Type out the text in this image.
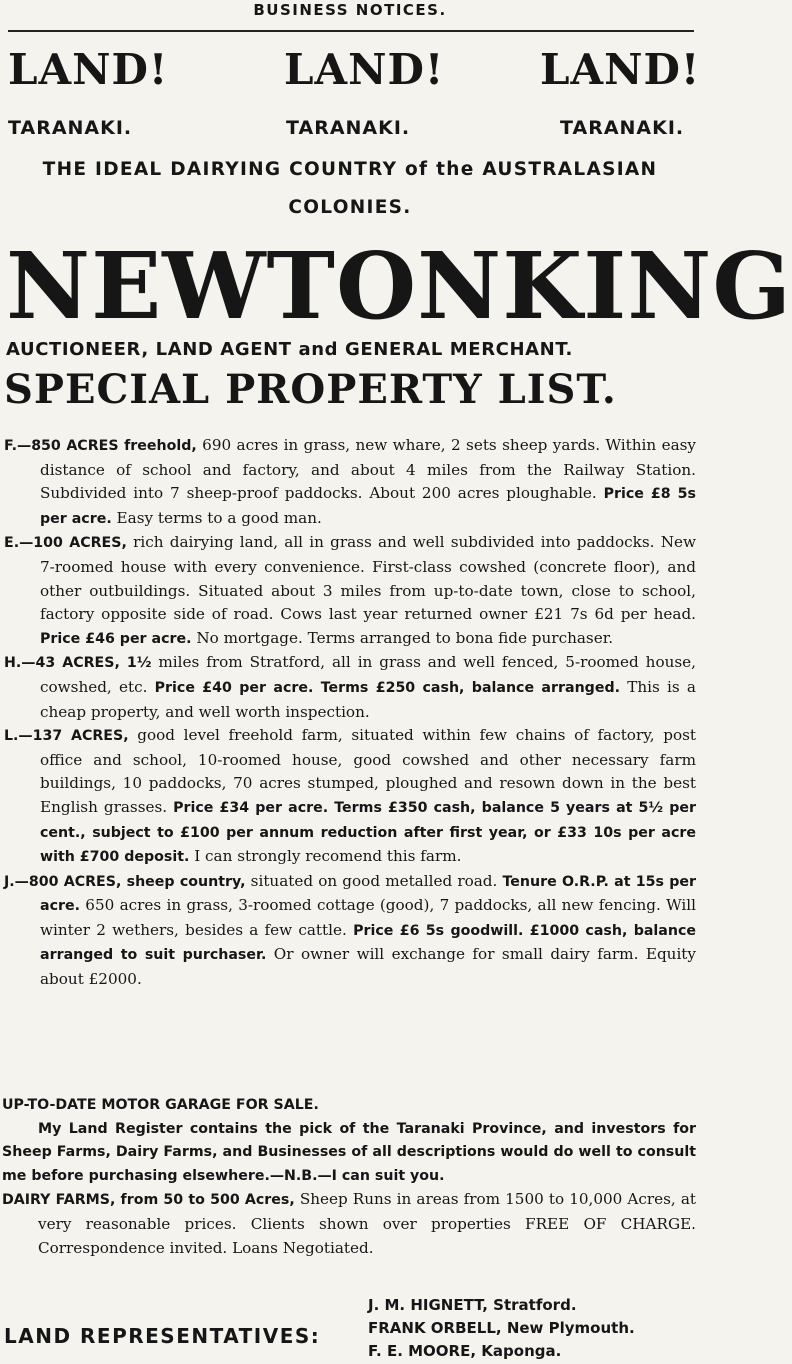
BUSINESS NOTICES.
LAND!	LAND! LAND!
TARANAKI.	TARANAKI.	TARANAKI.
THE IDEAL DAIRYING COUNTRY of the AUSTRALASIAN
COLONIES.
NEWTON KING
AUCTIONEER, LAND AGENT and GENERAL MERCHANT.
SPECIAL PROPERTY LIST.

F.—850 ACRES freehold, 690 acres in grass, new whare, 2 sets sheep yards. Within easy distance of school and factory, and about 4 miles from the Railway Station. Subdivided into 7 sheep-proof paddocks. About 200 acres ploughable. Price £8 5s per acre. Easy terms to a good man.

E.—100 ACRES, rich dairying land, all in grass and well subdivided into paddocks. New 7-roomed house with every convenience. First-class cowshed (concrete floor), and other outbuildings. Situated about 3 miles from up-to-date town, close to school, factory opposite side of road. Cows last year returned owner £21 7s 6d per head. Price £46 per acre. No mortgage. Terms arranged to bona fide purchaser.

H.—43 ACRES, 1½ miles from Stratford, all in grass and well fenced, 5-roomed house, cowshed, etc. Price £40 per acre. Terms £250 cash, balance arranged. This is a cheap property, and well worth inspection.

L.—137 ACRES, good level freehold farm, situated within few chains of factory, post office and school, 10-roomed house, good cowshed and other necessary farm buildings, 10 paddocks, 70 acres stumped, ploughed and resown down in the best English grasses. Price £34 per acre. Terms £350 cash, balance 5 years at 5½ per cent., subject to £100 per annum reduction after first year, or £33 10s per acre with £700 deposit. I can strongly recomend this farm.

J.—800 ACRES, sheep country, situated on good metalled road. Tenure O.R.P. at 15s per acre. 650 acres in grass, 3-roomed cottage (good), 7 paddocks, all new fencing. Will winter 2 wethers, besides a few cattle. Price £6 5s goodwill. £1000 cash, balance arranged to suit purchaser. Or owner will exchange for small dairy farm. Equity about £2000.

UP-TO-DATE MOTOR GARAGE FOR SALE.

My Land Register contains the pick of the Taranaki Province, and investors for Sheep Farms, Dairy Farms, and Businesses of all descriptions would do well to consult me before purchasing elsewhere.—N.B.—I can suit you.

DAIRY FARMS, from 50 to 500 Acres, Sheep Runs in areas from 1500 to 10,000 Acres, at very reasonable prices. Clients shown over properties FREE OF CHARGE. Correspondence invited. Loans Negotiated.

LAND REPRESENTATIVES:
J. M. HIGNETT, Stratford.
FRANK ORBELL, New Plymouth.
F. E. MOORE, Kaponga.
